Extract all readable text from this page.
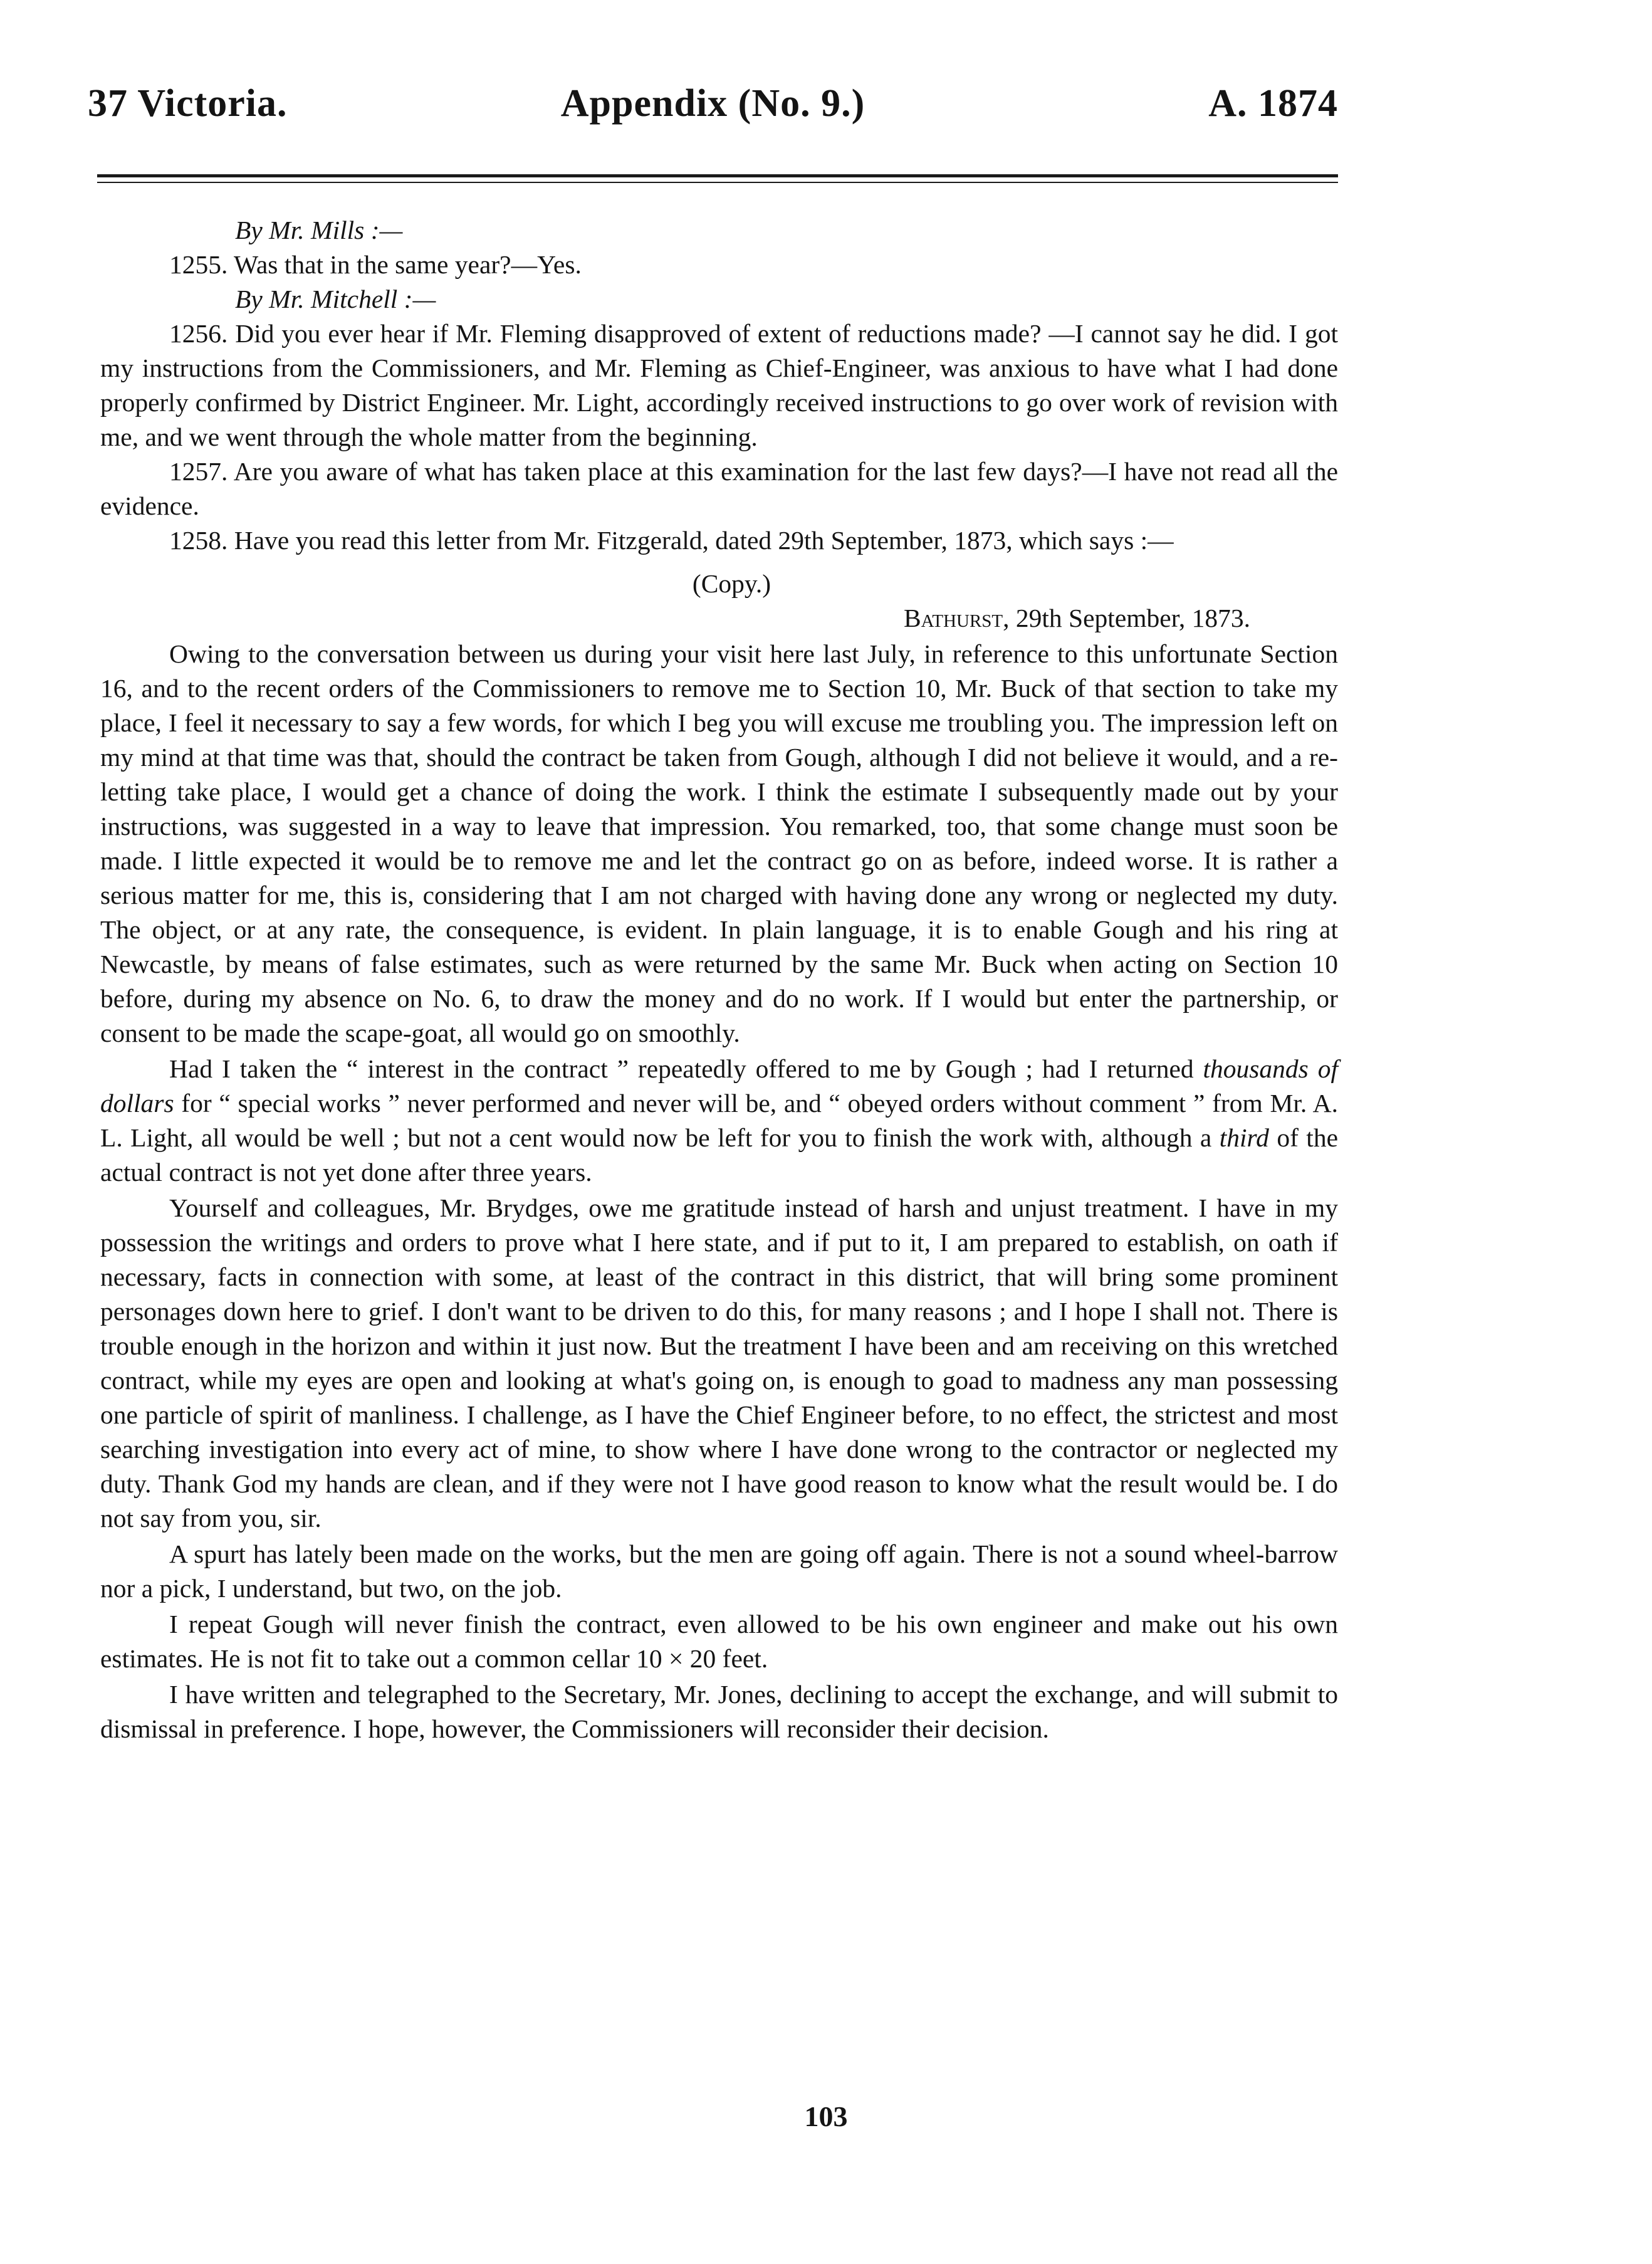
Appendix (No. 9.)
37 Victoria.	A. 1874

By Mr. Mills :—

1255. Was that in the same year?—Yes.

By Mr. Mitchell :—

1256. Did you ever hear if Mr. Fleming disapproved of extent of reductions made? —I cannot say he did. I got my instructions from the Commissioners, and Mr. Fleming as Chief-Engineer, was anxious to have what I had done properly confirmed by District Engineer. Mr. Light, accordingly received instructions to go over work of revision with me, and we went through the whole matter from the beginning.

1257. Are you aware of what has taken place at this examination for the last few days?—I have not read all the evidence.

1258. Have you read this letter from Mr. Fitzgerald, dated 29th September, 1873, which says :—

(Copy.)

Bathurst, 29th September, 1873.

Owing to the conversation between us during your visit here last July, in reference to this unfortunate Section 16, and to the recent orders of the Commissioners to remove me to Section 10, Mr. Buck of that section to take my place, I feel it necessary to say a few words, for which I beg you will excuse me troubling you. The impression left on my mind at that time was that, should the contract be taken from Gough, although I did not believe it would, and a re-letting take place, I would get a chance of doing the work. I think the estimate I subsequently made out by your instructions, was suggested in a way to leave that impression. You remarked, too, that some change must soon be made. I little expected it would be to remove me and let the contract go on as before, indeed worse. It is rather a serious matter for me, this is, considering that I am not charged with having done any wrong or neglected my duty. The object, or at any rate, the consequence, is evident. In plain language, it is to enable Gough and his ring at Newcastle, by means of false estimates, such as were returned by the same Mr. Buck when acting on Section 10 before, during my absence on No. 6, to draw the money and do no work. If I would but enter the partnership, or consent to be made the scape-goat, all would go on smoothly.

Had I taken the “ interest in the contract ” repeatedly offered to me by Gough ; had I returned thousands of dollars for “ special works ” never performed and never will be, and “ obeyed orders without comment ” from Mr. A. L. Light, all would be well ; but not a cent would now be left for you to finish the work with, although a third of the actual contract is not yet done after three years.

Yourself and colleagues, Mr. Brydges, owe me gratitude instead of harsh and unjust treatment. I have in my possession the writings and orders to prove what I here state, and if put to it, I am prepared to establish, on oath if necessary, facts in connection with some, at least of the contract in this district, that will bring some prominent personages down here to grief. I don't want to be driven to do this, for many reasons ; and I hope I shall not. There is trouble enough in the horizon and within it just now. But the treatment I have been and am receiving on this wretched contract, while my eyes are open and looking at what's going on, is enough to goad to madness any man possessing one particle of spirit of manliness. I challenge, as I have the Chief Engineer before, to no effect, the strictest and most searching investigation into every act of mine, to show where I have done wrong to the contractor or neglected my duty. Thank God my hands are clean, and if they were not I have good reason to know what the result would be. I do not say from you, sir.

A spurt has lately been made on the works, but the men are going off again. There is not a sound wheel-barrow nor a pick, I understand, but two, on the job.

I repeat Gough will never finish the contract, even allowed to be his own engineer and make out his own estimates. He is not fit to take out a common cellar 10 × 20 feet.

I have written and telegraphed to the Secretary, Mr. Jones, declining to accept the exchange, and will submit to dismissal in preference. I hope, however, the Commissioners will reconsider their decision.

103
